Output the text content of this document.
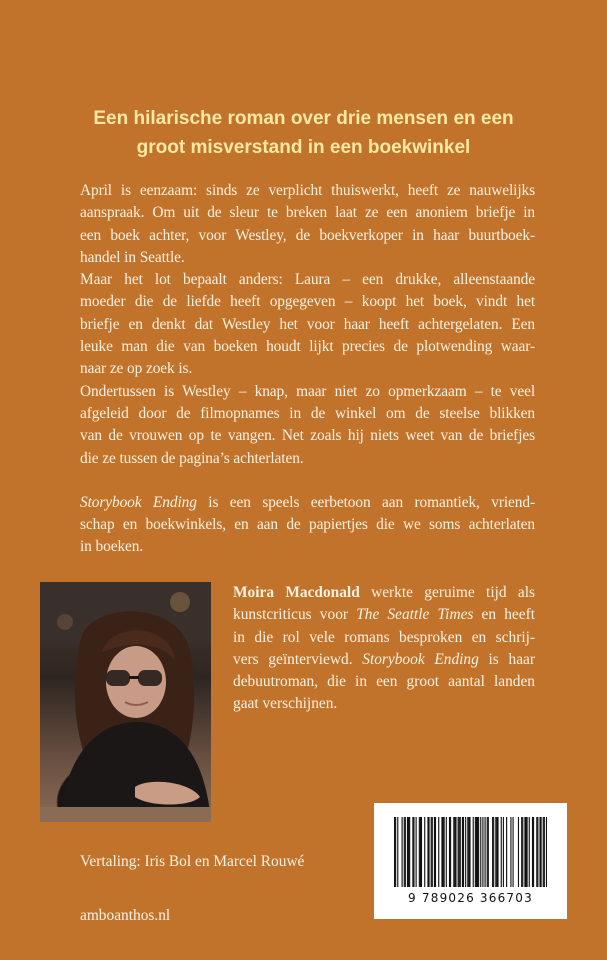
Een hilarische roman over drie mensen en een
groot misverstand in een boekwinkel
April is eenzaam: sinds ze verplicht thuiswerkt, heeft ze nauwelijks
aanspraak. Om uit de sleur te breken laat ze een anoniem briefje in
een boek achter, voor Westley, de boekverkoper in haar buurtboek-
handel in Seattle.
Maar het lot bepaalt anders: Laura – een drukke, alleenstaande
moeder die de liefde heeft opgegeven – koopt het boek, vindt het
briefje en denkt dat Westley het voor haar heeft achtergelaten. Een
leuke man die van boeken houdt lijkt precies de plotwending waar-
naar ze op zoek is.
Ondertussen is Westley – knap, maar niet zo opmerkzaam – te veel
afgeleid door de filmopnames in de winkel om de steelse blikken
van de vrouwen op te vangen. Net zoals hij niets weet van de briefjes
die ze tussen de pagina’s achterlaten.
Storybook Ending is een speels eerbetoon aan romantiek, vriend-
schap en boekwinkels, en aan de papiertjes die we soms achterlaten
in boeken.
Moira Macdonald werkte geruime tijd als
kunstcriticus voor The Seattle Times en heeft
in die rol vele romans besproken en schrij-
vers geïnterviewd. Storybook Ending is haar
debuutroman, die in een groot aantal landen
gaat verschijnen.
Vertaling: Iris Bol en Marcel Rouwé
amboanthos.nl
9 789026 366703
